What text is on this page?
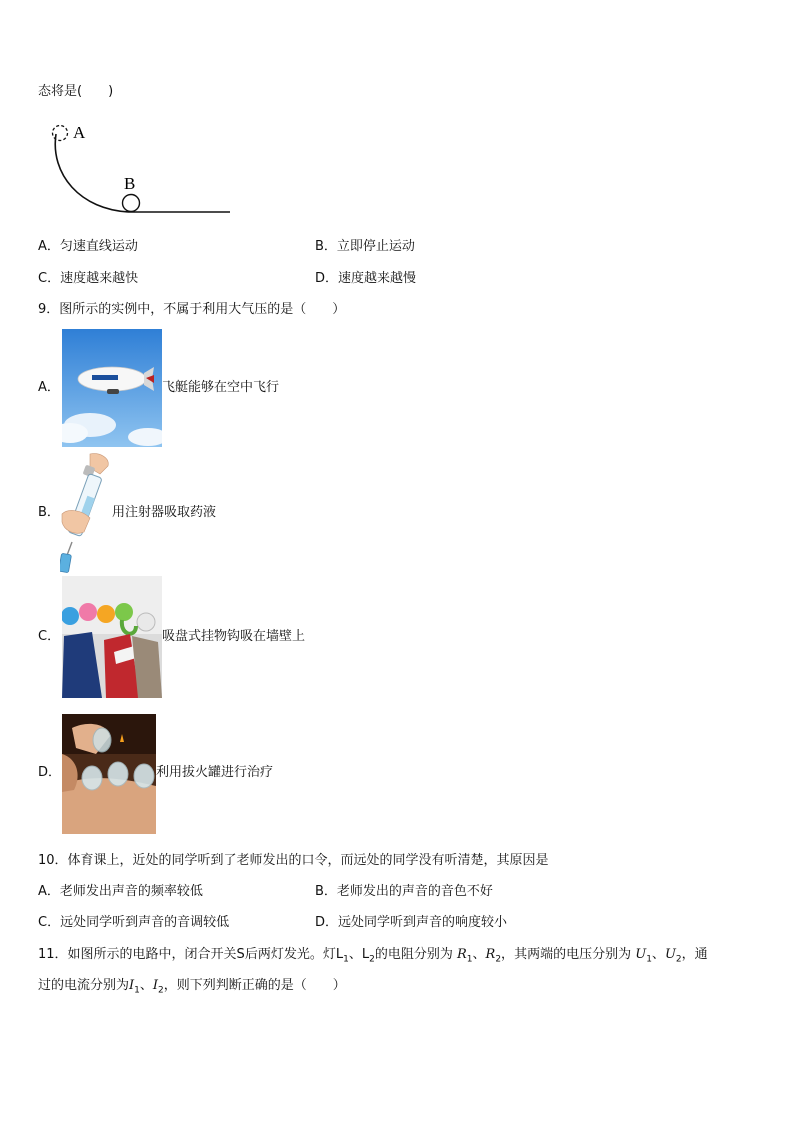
态将是(　　)
A
B
A．匀速直线运动	B．立即停止运动
C．速度越来越快	D．速度越来越慢
9．图所示的实例中，不属于利用大气压的是（　　）
A．	飞艇能够在空中飞行
B．	用注射器吸取药液
C．	吸盘式挂物钩吸在墙壁上
D．	利用拔火罐进行治疗
10．体育课上，近处的同学听到了老师发出的口令，而远处的同学没有听清楚，其原因是
A．老师发出声音的频率较低	B．老师发出的声音的音色不好
C．远处同学听到声音的音调较低	D．远处同学听到声音的响度较小
11．如图所示的电路中，闭合开关S后两灯发光。灯$L_1$、$L_2$的电阻分别为 $R_1$、$R_2$，其两端的电压分别为 $U_1$、$U_2$，通
过的电流分别为$I_1$、$I_2$，则下列判断正确的是（　　）
